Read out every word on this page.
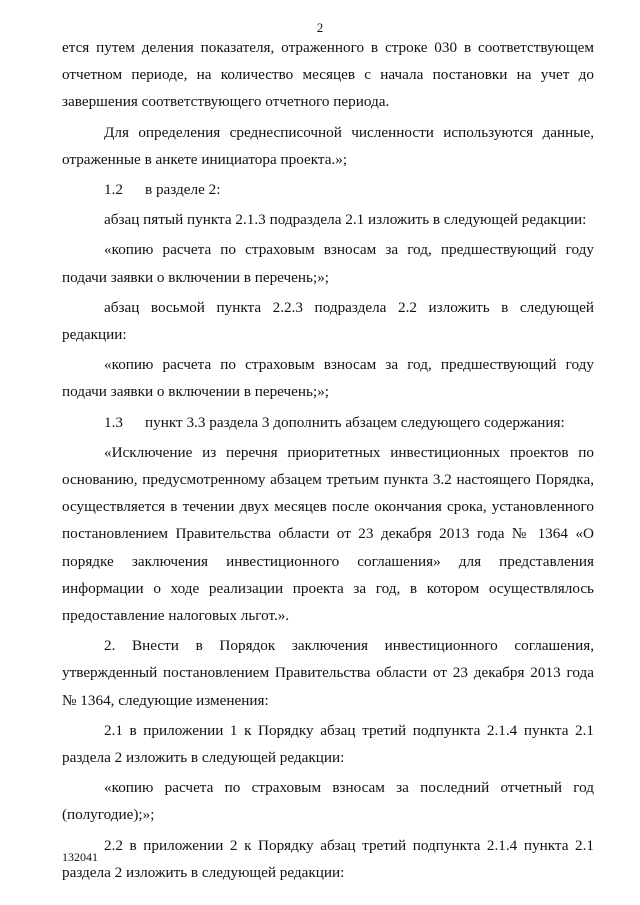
2

ется путем деления показателя, отраженного в строке 030 в соответствующем отчетном периоде, на количество месяцев с начала постановки на учет до завершения соответствующего отчетного периода.

Для определения среднесписочной численности используются данные, отраженные в анкете инициатора проекта.»;

1.2 в разделе 2:

абзац пятый пункта 2.1.3 подраздела 2.1 изложить в следующей редакции:

«копию расчета по страховым взносам за год, предшествующий году подачи заявки о включении в перечень;»;

абзац восьмой пункта 2.2.3 подраздела 2.2 изложить в следующей редакции:

«копию расчета по страховым взносам за год, предшествующий году подачи заявки о включении в перечень;»;

1.3 пункт 3.3 раздела 3 дополнить абзацем следующего содержания:

«Исключение из перечня приоритетных инвестиционных проектов по основанию, предусмотренному абзацем третьим пункта 3.2 настоящего Порядка, осуществляется в течении двух месяцев после окончания срока, установленного постановлением Правительства области от 23 декабря 2013 года № 1364 «О порядке заключения инвестиционного соглашения» для представления информации о ходе реализации проекта за год, в котором осуществлялось предоставление налоговых льгот.».

2. Внести в Порядок заключения инвестиционного соглашения, утвержденный постановлением Правительства области от 23 декабря 2013 года № 1364, следующие изменения:

2.1 в приложении 1 к Порядку абзац третий подпункта 2.1.4 пункта 2.1 раздела 2 изложить в следующей редакции:

«копию расчета по страховым взносам за последний отчетный год (полугодие);»;

2.2 в приложении 2 к Порядку абзац третий подпункта 2.1.4 пункта 2.1 раздела 2 изложить в следующей редакции:

132041
